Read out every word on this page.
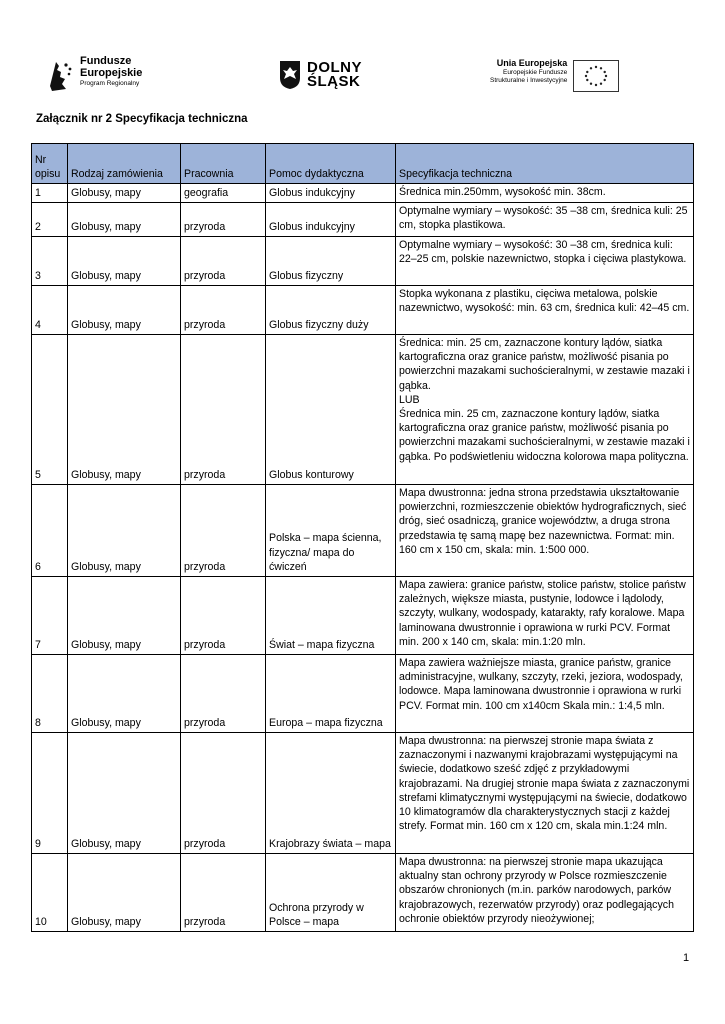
Fundusze
Europejskie
Program Regionalny
DOLNY
ŚLĄSK
Unia Europejska
Europejskie Fundusze
Strukturalne i Inwestycyjne
Załącznik nr 2 Specyfikacja techniczna
Nr opisu	Rodzaj zamówienia	Pracownia	Pomoc dydaktyczna	Specyfikacja techniczna
1	Globusy, mapy	geografia	Globus indukcyjny	Średnica min.250mm, wysokość min. 38cm.
2	Globusy, mapy	przyroda	Globus indukcyjny	Optymalne wymiary – wysokość: 35 –38 cm, średnica kuli: 25 cm, stopka plastikowa.
3	Globusy, mapy	przyroda	Globus fizyczny	Optymalne wymiary – wysokość: 30 –38 cm, średnica kuli: 22–25 cm, polskie nazewnictwo, stopka i cięciwa plastykowa.
4	Globusy, mapy	przyroda	Globus fizyczny duży	Stopka wykonana z plastiku, cięciwa metalowa, polskie nazewnictwo, wysokość: min. 63 cm, średnica kuli: 42–45 cm.
5	Globusy, mapy	przyroda	Globus konturowy	Średnica: min. 25 cm, zaznaczone kontury lądów, siatka kartograficzna oraz granice państw, możliwość pisania po powierzchni mazakami suchościeralnymi, w zestawie mazaki i gąbka.
LUB
Średnica min. 25 cm, zaznaczone kontury lądów, siatka kartograficzna oraz granice państw, możliwość pisania po powierzchni mazakami suchościeralnymi, w zestawie mazaki i gąbka. Po podświetleniu widoczna kolorowa mapa polityczna.
6	Globusy, mapy	przyroda	Polska – mapa ścienna, fizyczna/ mapa do ćwiczeń	Mapa dwustronna: jedna strona przedstawia ukształtowanie powierzchni, rozmieszczenie obiektów hydrograficznych, sieć dróg, sieć osadniczą, granice województw, a druga strona przedstawia tę samą mapę bez nazewnictwa. Format: min. 160 cm x 150 cm, skala: min. 1:500 000.
7	Globusy, mapy	przyroda	Świat – mapa fizyczna	Mapa zawiera: granice państw, stolice państw, stolice państw zależnych, większe miasta, pustynie, lodowce i lądolody, szczyty, wulkany, wodospady, katarakty, rafy koralowe. Mapa laminowana dwustronnie i oprawiona w rurki PCV. Format min. 200 x 140 cm, skala: min.1:20 mln.
8	Globusy, mapy	przyroda	Europa – mapa fizyczna	Mapa zawiera ważniejsze miasta, granice państw, granice administracyjne, wulkany, szczyty, rzeki, jeziora, wodospady, lodowce. Mapa laminowana dwustronnie i oprawiona w rurki PCV. Format min. 100 cm x140cm Skala min.: 1:4,5 mln.
9	Globusy, mapy	przyroda	Krajobrazy świata – mapa	Mapa dwustronna: na pierwszej stronie mapa świata z zaznaczonymi i nazwanymi krajobrazami występującymi na świecie, dodatkowo sześć zdjęć z przykładowymi krajobrazami. Na drugiej stronie mapa świata z zaznaczonymi strefami klimatycznymi występującymi na świecie, dodatkowo 10 klimatogramów dla charakterystycznych stacji z każdej strefy. Format min. 160 cm x 120 cm, skala min.1:24 mln.
10	Globusy, mapy	przyroda	Ochrona przyrody w Polsce – mapa	Mapa dwustronna: na pierwszej stronie mapa ukazująca aktualny stan ochrony przyrody w Polsce rozmieszczenie obszarów chronionych (m.in. parków narodowych, parków krajobrazowych, rezerwatów przyrody) oraz podlegających ochronie obiektów przyrody nieożywionej;
1
